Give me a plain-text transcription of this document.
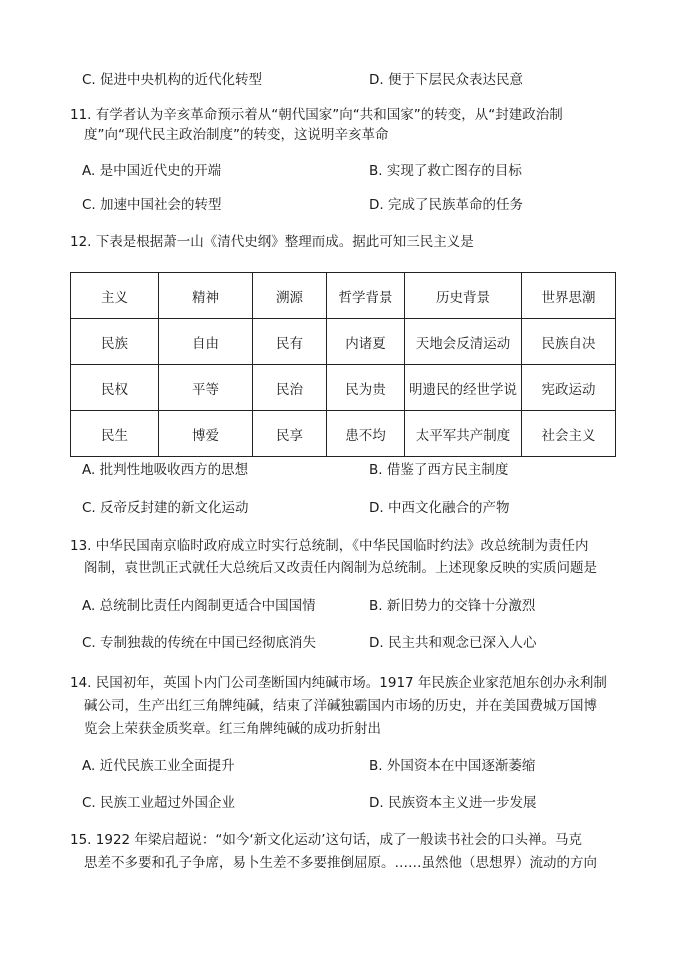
C. 促进中央机构的近代化转型	D. 便于下层民众表达民意
11. 有学者认为辛亥革命预示着从“朝代国家”向“共和国家”的转变，从“封建政治制
度”向“现代民主政治制度”的转变，这说明辛亥革命
A. 是中国近代史的开端	B. 实现了救亡图存的目标
C. 加速中国社会的转型	D. 完成了民族革命的任务
12. 下表是根据萧一山《清代史纲》整理而成。据此可知三民主义是
主义	精神	溯源	哲学背景	历史背景	世界思潮
民族	自由	民有	内诸夏	天地会反清运动	民族自决
民权	平等	民治	民为贵	明遗民的经世学说	宪政运动
民生	博爱	民享	患不均	太平军共产制度	社会主义
A. 批判性地吸收西方的思想	B. 借鉴了西方民主制度
C. 反帝反封建的新文化运动	D. 中西文化融合的产物
13. 中华民国南京临时政府成立时实行总统制，《中华民国临时约法》改总统制为责任内
阁制，袁世凯正式就任大总统后又改责任内阁制为总统制。上述现象反映的实质问题是
A. 总统制比责任内阁制更适合中国国情	B. 新旧势力的交锋十分激烈
C. 专制独裁的传统在中国已经彻底消失	D. 民主共和观念已深入人心
14. 民国初年，英国卜内门公司垄断国内纯碱市场。1917 年民族企业家范旭东创办永利制
碱公司，生产出红三角牌纯碱，结束了洋碱独霸国内市场的历史，并在美国费城万国博
览会上荣获金质奖章。红三角牌纯碱的成功折射出
A. 近代民族工业全面提升	B. 外国资本在中国逐渐萎缩
C. 民族工业超过外国企业	D. 民族资本主义进一步发展
15. 1922 年梁启超说：“如今‘新文化运动’这句话，成了一般读书社会的口头禅。马克
思差不多要和孔子争席，易卜生差不多要推倒屈原。……虽然他（思想界）流动的方向
